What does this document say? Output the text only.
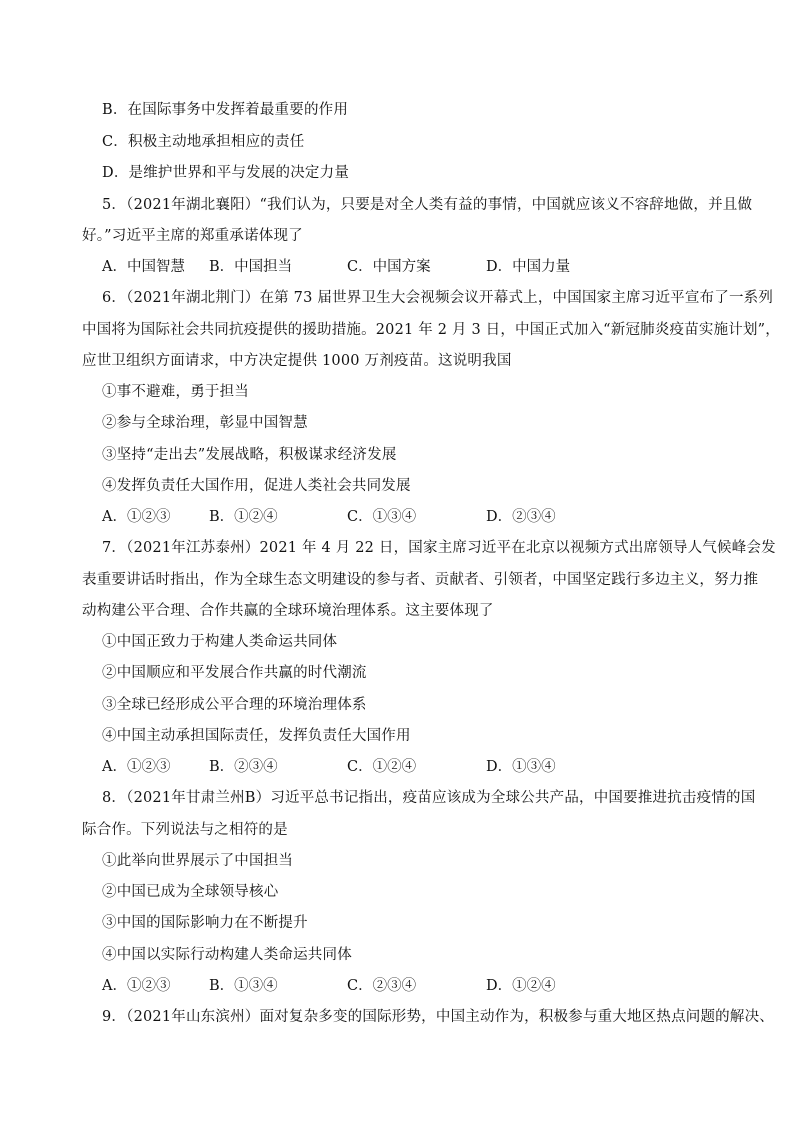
B．在国际事务中发挥着最重要的作用
C．积极主动地承担相应的责任
D．是维护世界和平与发展的决定力量
5．（2021年湖北襄阳）“我们认为，只要是对全人类有益的事情，中国就应该义不容辞地做，并且做
好。”习近平主席的郑重承诺体现了
A．中国智慧 B．中国担当	C．中国方案	D．中国力量
6．（2021年湖北荆门）在第 73 届世界卫生大会视频会议开幕式上，中国国家主席习近平宣布了一系列
中国将为国际社会共同抗疫提供的援助措施。2021 年 2 月 3 日，中国正式加入“新冠肺炎疫苗实施计划”，
应世卫组织方面请求，中方决定提供 1000 万剂疫苗。这说明我国
①事不避难，勇于担当
②参与全球治理，彰显中国智慧
③坚持“走出去”发展战略，积极谋求经济发展
④发挥负责任大国作用，促进人类社会共同发展
A．①②③	B．①②④	C．①③④	D．②③④
7．（2021年江苏泰州）2021 年 4 月 22 日，国家主席习近平在北京以视频方式出席领导人气候峰会发
表重要讲话时指出，作为全球生态文明建设的参与者、贡献者、引领者，中国坚定践行多边主义，努力推
动构建公平合理、合作共赢的全球环境治理体系。这主要体现了
①中国正致力于构建人类命运共同体
②中国顺应和平发展合作共赢的时代潮流
③全球已经形成公平合理的环境治理体系
④中国主动承担国际责任，发挥负责任大国作用
A．①②③	B．②③④	C．①②④	D．①③④
8．（2021年甘肃兰州B）习近平总书记指出，疫苗应该成为全球公共产品，中国要推进抗击疫情的国
际合作。下列说法与之相符的是
①此举向世界展示了中国担当
②中国已成为全球领导核心
③中国的国际影响力在不断提升
④中国以实际行动构建人类命运共同体
A．①②③	B．①③④	C．②③④	D．①②④
9．（2021年山东滨州）面对复杂多变的国际形势，中国主动作为，积极参与重大地区热点问题的解决、
